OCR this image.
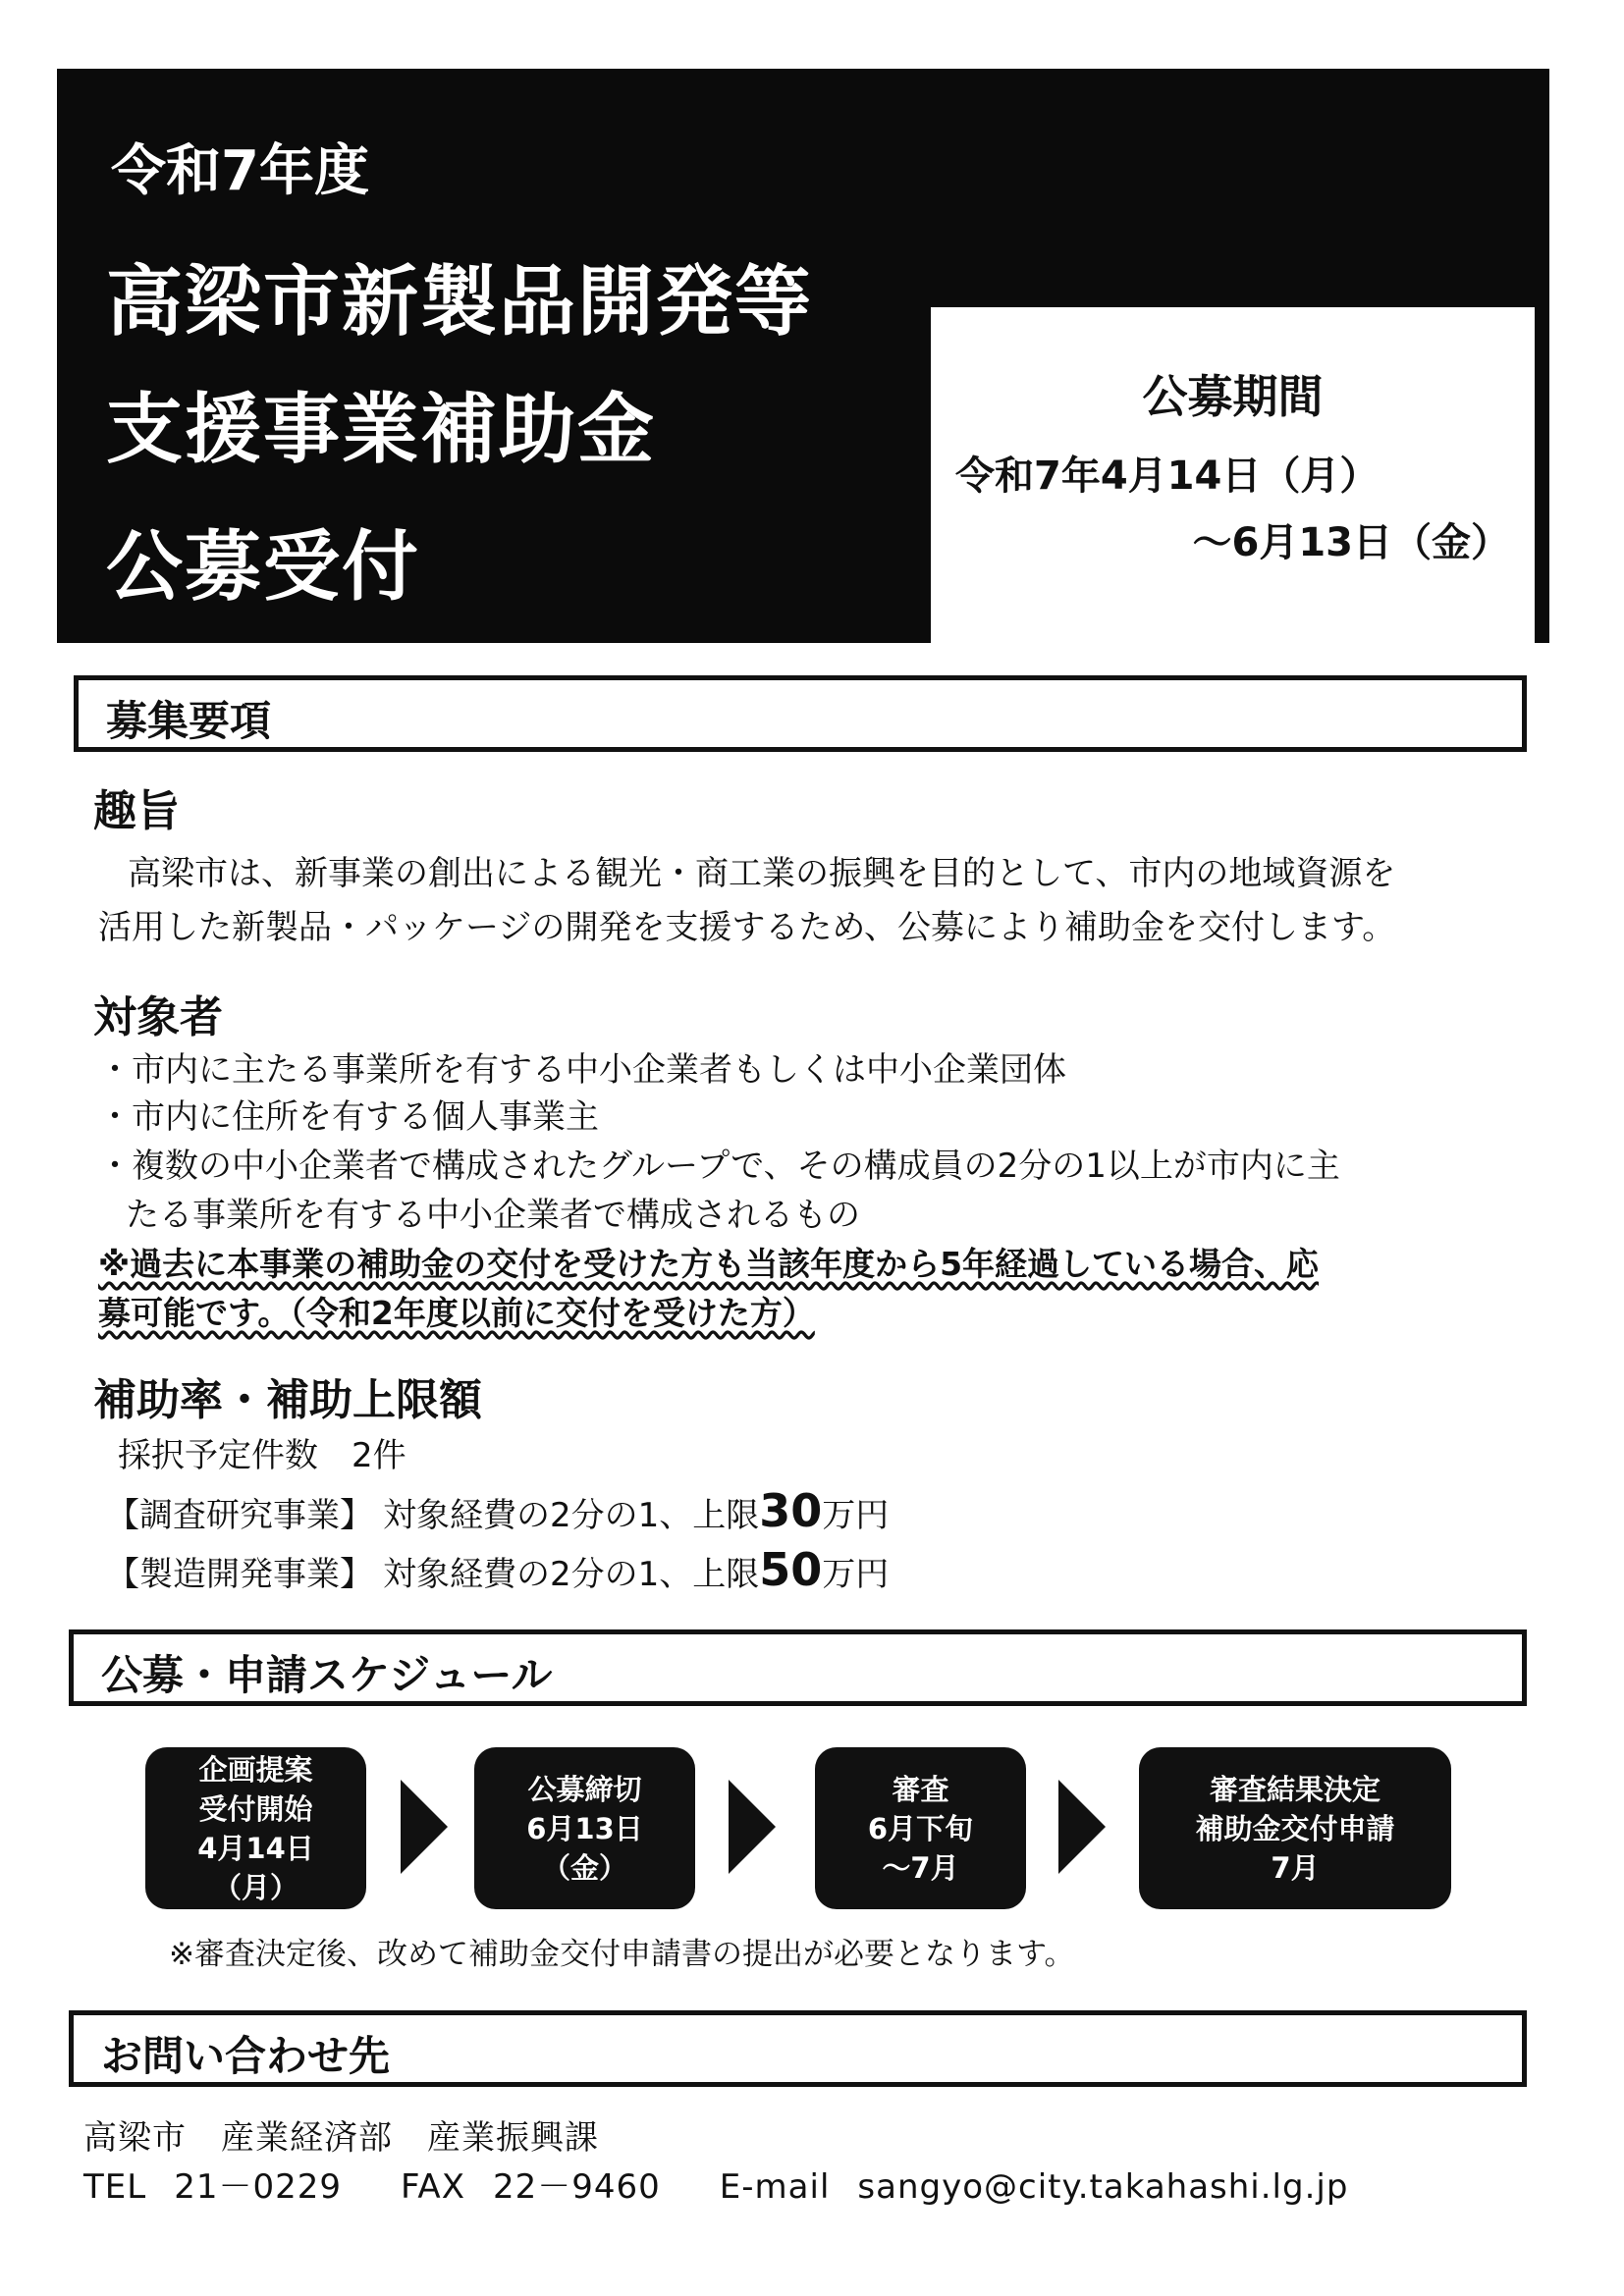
令和7年度
高梁市新製品開発等
支援事業補助金
公募受付
公募期間
令和7年4月14日（月）
～6月13日（金）
募集要項
趣旨
高梁市は、新事業の創出による観光・商工業の振興を目的として、市内の地域資源を
活用した新製品・パッケージの開発を支援するため、公募により補助金を交付します。
対象者
・市内に主たる事業所を有する中小企業者もしくは中小企業団体
・市内に住所を有する個人事業主
・複数の中小企業者で構成されたグループで、その構成員の2分の1以上が市内に主
たる事業所を有する中小企業者で構成されるもの
※過去に本事業の補助金の交付を受けた方も当該年度から5年経過している場合、応
募可能です。（令和2年度以前に交付を受けた方）
補助率・補助上限額
採択予定件数　2件
【調査研究事業】 対象経費の2分の1、上限30万円
【製造開発事業】 対象経費の2分の1、上限50万円
公募・申請スケジュール
企画提案
受付開始
4月14日
（月）
公募締切
6月13日
（金）
審査
6月下旬
～7月
審査結果決定
補助金交付申請
7月
※審査決定後、改めて補助金交付申請書の提出が必要となります。
お問い合わせ先
高梁市　産業経済部　産業振興課
TEL 21－0229 FAX 22－9460 E-mail sangyo@city.takahashi.lg.jp
